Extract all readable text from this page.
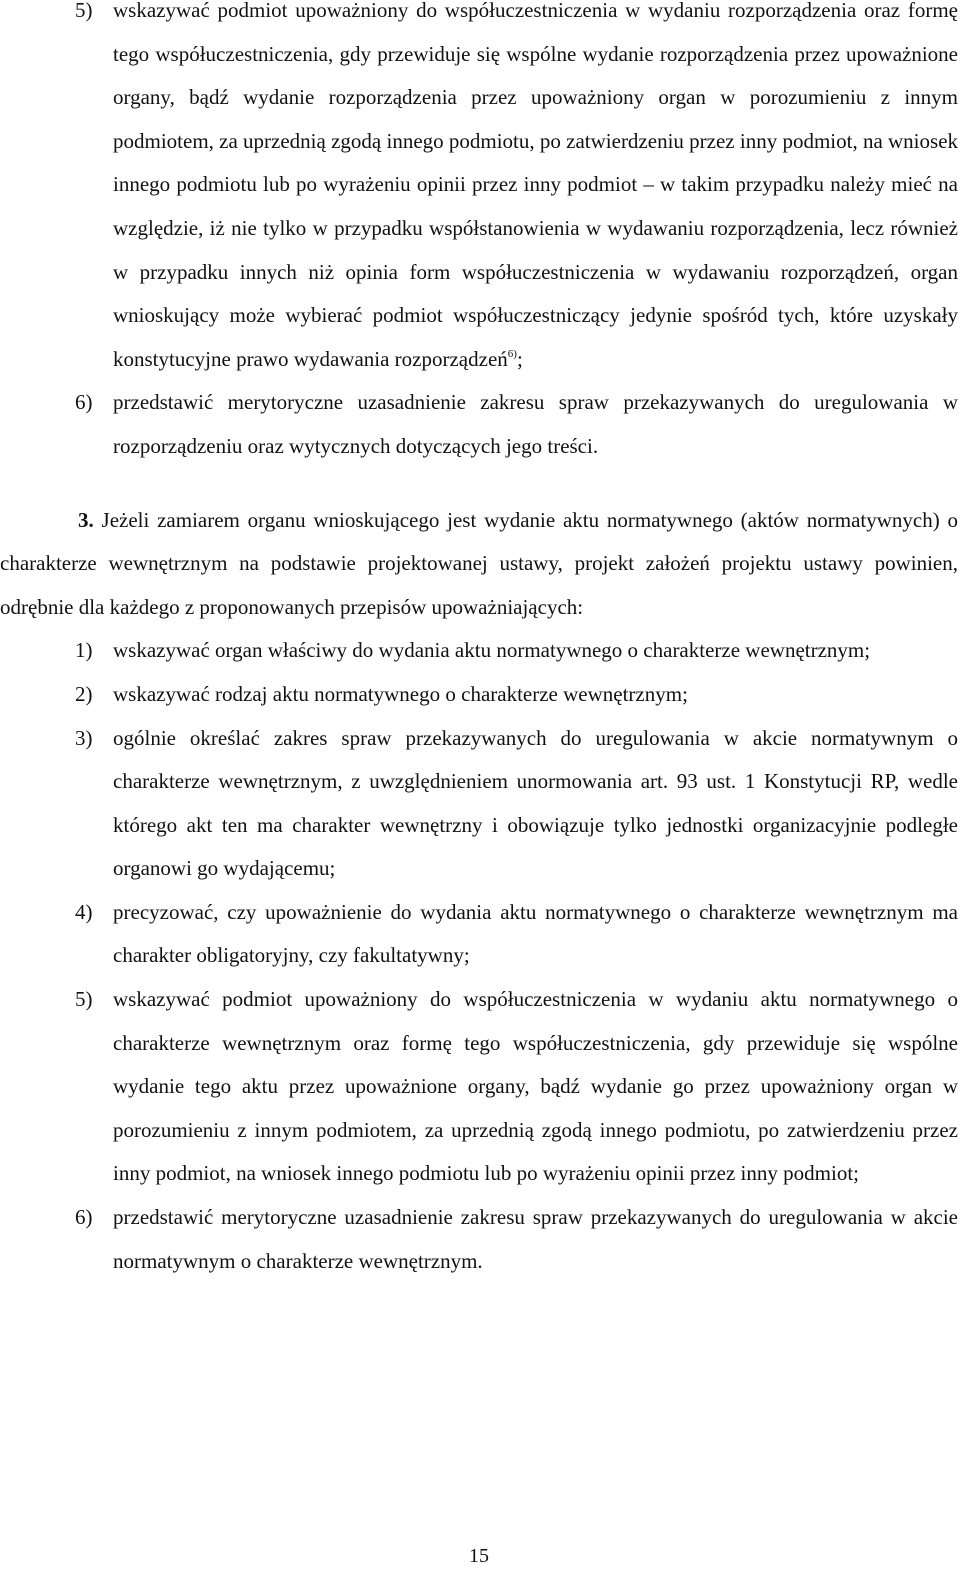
5) wskazywać podmiot upoważniony do współuczestniczenia w wydaniu rozporządzenia oraz formę tego współuczestniczenia, gdy przewiduje się wspólne wydanie rozporządzenia przez upoważnione organy, bądź wydanie rozporządzenia przez upoważniony organ w porozumieniu z innym podmiotem, za uprzednią zgodą innego podmiotu, po zatwierdzeniu przez inny podmiot, na wniosek innego podmiotu lub po wyrażeniu opinii przez inny podmiot – w takim przypadku należy mieć na względzie, iż nie tylko w przypadku współstanowienia w wydawaniu rozporządzenia, lecz również w przypadku innych niż opinia form współuczestniczenia w wydawaniu rozporządzeń, organ wnioskujący może wybierać podmiot współuczestniczący jedynie spośród tych, które uzyskały konstytucyjne prawo wydawania rozporządzeń$^{6)}$;
6) przedstawić merytoryczne uzasadnienie zakresu spraw przekazywanych do uregulowania w rozporządzeniu oraz wytycznych dotyczących jego treści.
3. Jeżeli zamiarem organu wnioskującego jest wydanie aktu normatywnego (aktów normatywnych) o charakterze wewnętrznym na podstawie projektowanej ustawy, projekt założeń projektu ustawy powinien, odrębnie dla każdego z proponowanych przepisów upoważniających:
1) wskazywać organ właściwy do wydania aktu normatywnego o charakterze wewnętrznym;
2) wskazywać rodzaj aktu normatywnego o charakterze wewnętrznym;
3) ogólnie określać zakres spraw przekazywanych do uregulowania w akcie normatywnym o charakterze wewnętrznym, z uwzględnieniem unormowania art. 93 ust. 1 Konstytucji RP, wedle którego akt ten ma charakter wewnętrzny i obowiązuje tylko jednostki organizacyjnie podległe organowi go wydającemu;
4) precyzować, czy upoważnienie do wydania aktu normatywnego o charakterze wewnętrznym ma charakter obligatoryjny, czy fakultatywny;
5) wskazywać podmiot upoważniony do współuczestniczenia w wydaniu aktu normatywnego o charakterze wewnętrznym oraz formę tego współuczestniczenia, gdy przewiduje się wspólne wydanie tego aktu przez upoważnione organy, bądź wydanie go przez upoważniony organ w porozumieniu z innym podmiotem, za uprzednią zgodą innego podmiotu, po zatwierdzeniu przez inny podmiot, na wniosek innego podmiotu lub po wyrażeniu opinii przez inny podmiot;
6) przedstawić merytoryczne uzasadnienie zakresu spraw przekazywanych do uregulowania w akcie normatywnym o charakterze wewnętrznym.
15
